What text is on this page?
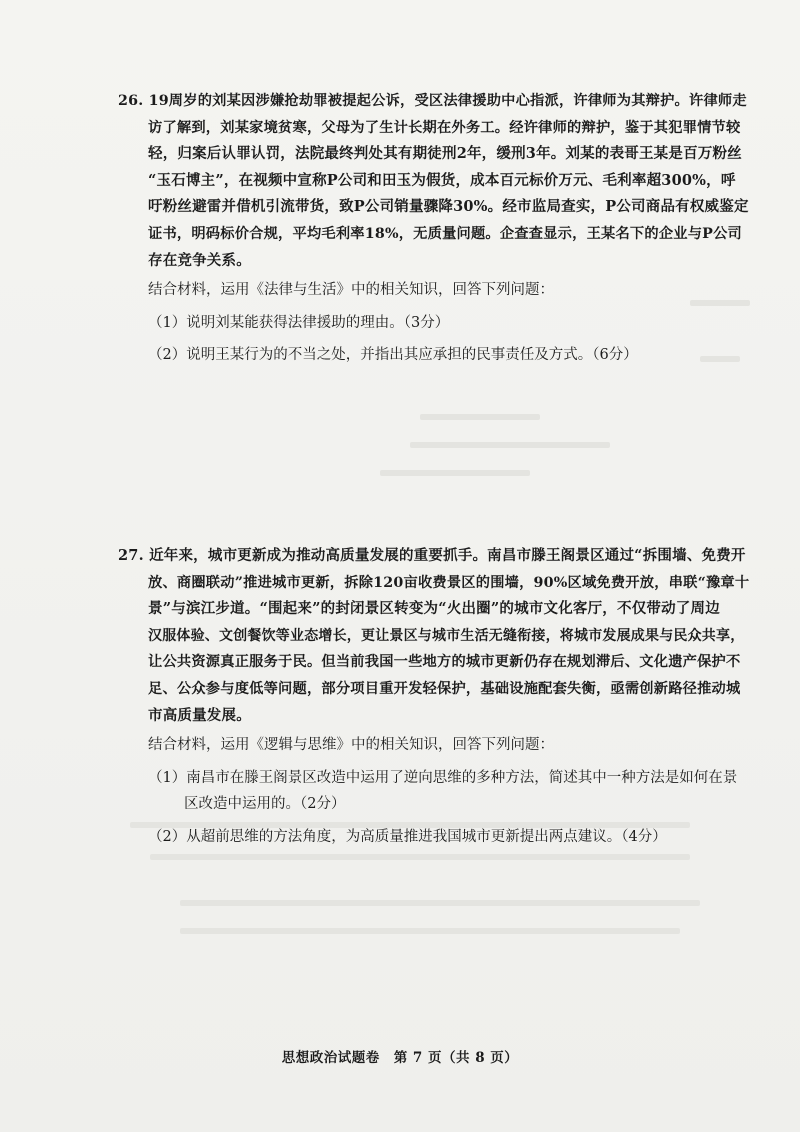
26. 19周岁的刘某因涉嫌抢劫罪被提起公诉，受区法律援助中心指派，许律师为其辩护。许律师走
访了解到，刘某家境贫寒，父母为了生计长期在外务工。经许律师的辩护，鉴于其犯罪情节较
轻，归案后认罪认罚，法院最终判处其有期徒刑2年，缓刑3年。刘某的表哥王某是百万粉丝
“玉石博主”，在视频中宣称P公司和田玉为假货，成本百元标价万元、毛利率超300%，呼
吁粉丝避雷并借机引流带货，致P公司销量骤降30%。经市监局查实，P公司商品有权威鉴定
证书，明码标价合规，平均毛利率18%，无质量问题。企查查显示，王某名下的企业与P公司
存在竞争关系。
结合材料，运用《法律与生活》中的相关知识，回答下列问题：
（1）说明刘某能获得法律援助的理由。（3分）
（2）说明王某行为的不当之处，并指出其应承担的民事责任及方式。（6分）
27. 近年来，城市更新成为推动高质量发展的重要抓手。南昌市滕王阁景区通过“拆围墙、免费开
放、商圈联动”推进城市更新，拆除120亩收费景区的围墙，90%区域免费开放，串联“豫章十
景”与滨江步道。“围起来”的封闭景区转变为“火出圈”的城市文化客厅，不仅带动了周边
汉服体验、文创餐饮等业态增长，更让景区与城市生活无缝衔接，将城市发展成果与民众共享，
让公共资源真正服务于民。但当前我国一些地方的城市更新仍存在规划滞后、文化遗产保护不
足、公众参与度低等问题，部分项目重开发轻保护，基础设施配套失衡，亟需创新路径推动城
市高质量发展。
结合材料，运用《逻辑与思维》中的相关知识，回答下列问题：
（1）南昌市在滕王阁景区改造中运用了逆向思维的多种方法，简述其中一种方法是如何在景
区改造中运用的。（2分）
（2）从超前思维的方法角度，为高质量推进我国城市更新提出两点建议。（4分）
思想政治试题卷　第 7 页（共 8 页）
